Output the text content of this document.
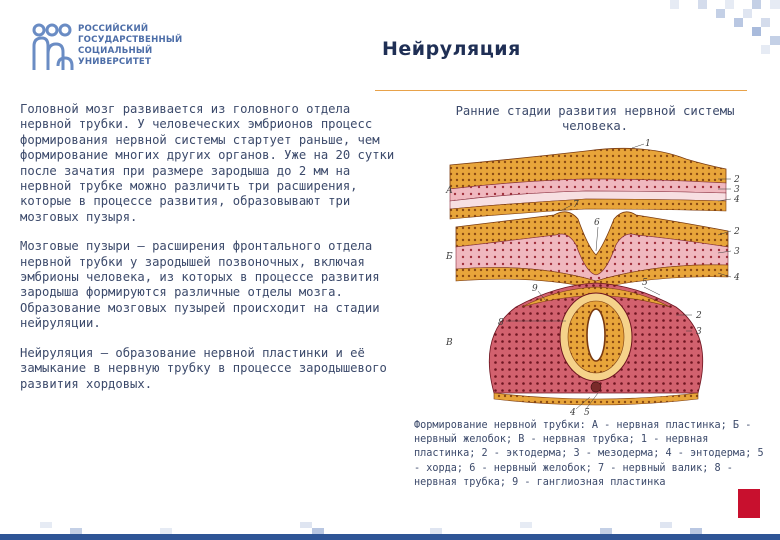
РОССИЙСКИЙ
ГОСУДАРСТВЕННЫЙ
СОЦИАЛЬНЫЙ
УНИВЕРСИТЕТ
Нейруляция

Головной мозг развивается из головного отдела нервной трубки. У человеческих эмбрионов процесс формирования нервной системы стартует раньше, чем формирование многих других органов. Уже на 20 сутки после зачатия при размере зародыша до 2 мм на нервной трубке можно различить три расширения, которые в процессе развития, образовывают три мозговых пузыря.

Мозговые пузыри — расширения фронтального отдела нервной трубки у зародышей позвоночных, включая эмбрионы человека, из которых в процессе развития зародыша формируются различные отделы мозга. Образование мозговых пузырей происходит на стадии нейруляции.

Нейруляция — образование нервной пластинки и её замыкание в нервную трубку в процессе зародышевого развития хордовых.

Ранние стадии развития нервной системы человека.
А
1
2
3
4
Б
7
6
2
3
4
В
5
9
8
2
3
4 5
Формирование нервной трубки: А - нервная пластинка; Б - нервный желобок; В - нервная трубка; 1 - нервная пластинка; 2 - эктодерма; 3 - мезодерма; 4 - энтодерма; 5 - хорда; 6 - нервный желобок; 7 - нервный валик; 8 - нервная трубка; 9 - ганглиозная пластинка
